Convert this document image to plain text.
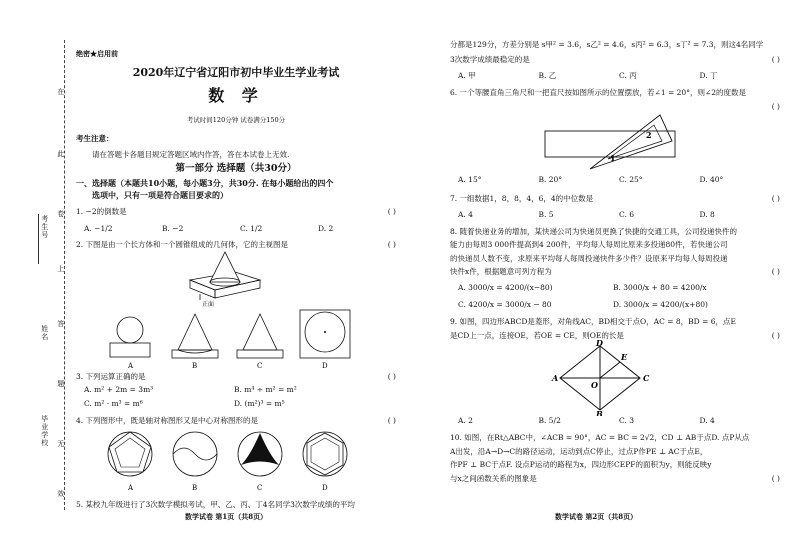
考生号
姓名
毕业学校
在
此
卷
上
答
题
无
效
绝密★启用前
2020年辽宁省辽阳市初中毕业生学业考试
数 学
考试时间120分钟 试卷满分150分
考生注意：
请在答题卡各题目规定答题区域内作答，答在本试卷上无效.
第一部分 选择题（共30分）
一、选择题（本题共10小题，每小题3分，共30分. 在每小题给出的四个
选项中，只有一项是符合题目要求的）
1. −2的倒数是	( )
A. −1/2	B. −2	C. 1/2	D. 2
2. 下图是由一个长方体和一个圆锥组成的几何体，它的主视图是	( )
正面
A	B	C	D
3. 下列运算正确的是	( )
A. m² + 2m = 3m³	B. m⁴ ÷ m² = m²
C. m² · m³ = m⁶	D. (m²)³ = m⁵
4. 下列图形中，既是轴对称图形又是中心对称图形的是	( )
A	B	C	D
5. 某校九年级进行了3次数学模拟考试，甲、乙、丙、丁4名同学3次数学成绩的平均
数学试卷 第1页（共8页）
分都是129分，方差分别是 s甲² = 3.6，s乙² = 4.6，s丙² = 6.3，s丁² = 7.3，则这4名同学
3次数学成绩最稳定的是	( )
A. 甲	B. 乙	C. 丙	D. 丁
6. 一个等腰直角三角尺和一把直尺按如图所示的位置摆放，若∠1 = 20°，则∠2的度数是
( )
2
1
A. 15°	B. 20°	C. 25°	D. 40°
7. 一组数据1，8，8，4，6，4的中位数是	( )
A. 4	B. 5	C. 6	D. 8
8. 随着快递业务的增加，某快递公司为快递员更换了快捷的交通工具，公司投递快件的
能力由每周3 000件提高到4 200件，平均每人每周比原来多投递80件，若快递公司
的快递员人数不变，求原来平均每人每周投递快件多少件？设原来平均每人每周投递
快件x件，根据题意可列方程为	( )
A. 3000/x = 4200/(x−80)	B. 3000/x + 80 = 4200/x
C. 4200/x = 3000/x − 80	D. 3000/x = 4200/(x+80)
9. 如图，四边形ABCD是菱形，对角线AC，BD相交于点O，AC = 8，BD = 6，点E
是CD上一点，连接OE，若OE = CE，则OE的长是	( )
A
B
C
D
E
O
A. 2	B. 5/2	C. 3	D. 4
10. 如图，在Rt△ABC中，∠ACB = 90°，AC = BC = 2√2，CD ⊥ AB于点D. 点P从点
A出发，沿A→D→C的路径运动，运动到点C停止，过点P作PE ⊥ AC于点E，
作PF ⊥ BC于点F. 设点P运动的路程为x，四边形CEPF的面积为y，则能反映y
与x之间函数关系的图象是	( )
数学试卷 第2页（共8页）
